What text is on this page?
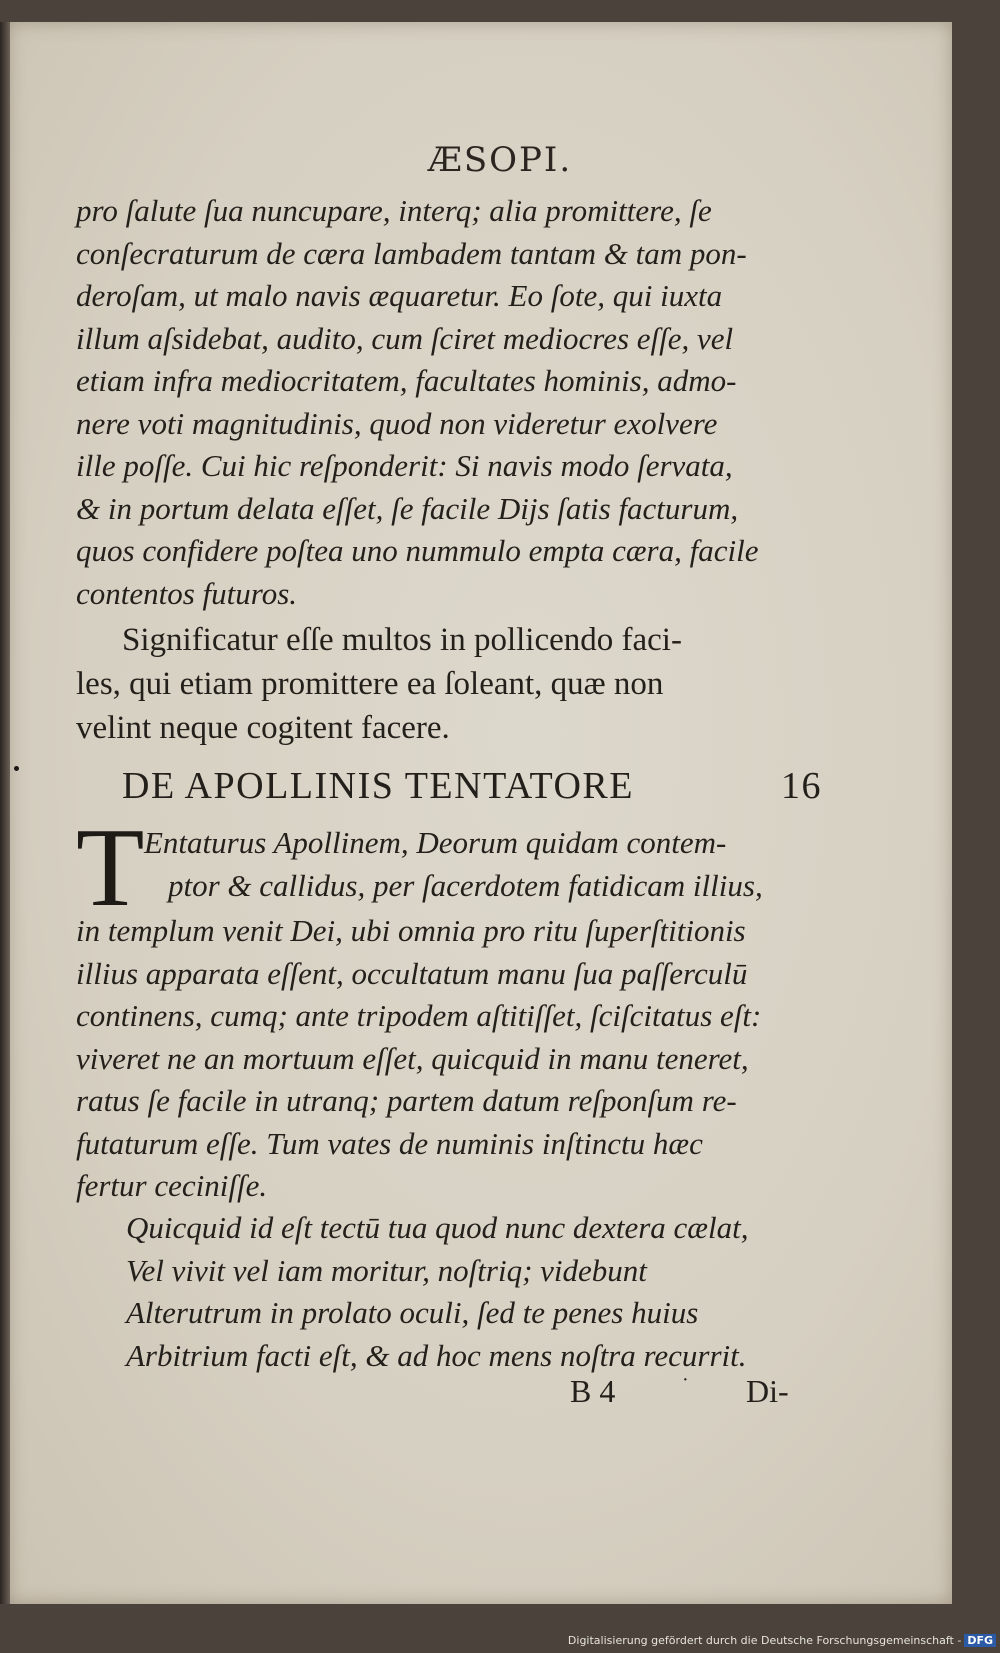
ÆSOPI.
pro ſalute ſua nuncupare, interq; alia promittere, ſe
conſecraturum de cæra lambadem tantam & tam pon-
deroſam, ut malo navis æquaretur. Eo ſote, qui iuxta
illum aſsidebat, audito, cum ſciret mediocres eſſe, vel
etiam infra mediocritatem, facultates hominis, admo-
nere voti magnitudinis, quod non videretur exolvere
ille poſſe. Cui hic reſponderit: Si navis modo ſervata,
& in portum delata eſſet, ſe facile Dijs ſatis facturum,
quos confidere poſtea uno nummulo empta cæra, facile
contentos futuros.
Significatur eſſe multos in pollicendo faci-
les, qui etiam promittere ea ſoleant, quæ non
velint neque cogitent facere.
DE APOLLINIS TENTATORE	16
T Entaturus Apollinem, Deorum quidam contem-
ptor & callidus, per ſacerdotem fatidicam illius,
in templum venit Dei, ubi omnia pro ritu ſuperſtitionis
illius apparata eſſent, occultatum manu ſua paſſerculū
continens, cumq; ante tripodem aſtitiſſet, ſciſcitatus eſt:
viveret ne an mortuum eſſet, quicquid in manu teneret,
ratus ſe facile in utranq; partem datum reſponſum re-
futaturum eſſe. Tum vates de numinis inſtinctu hæc
fertur ceciniſſe.
Quicquid id eſt tectū tua quod nunc dextera cælat,
Vel vivit vel iam moritur, noſtriq; videbunt
Alterutrum in prolato oculi, ſed te penes huius
Arbitrium facti eſt, & ad hoc mens noſtra recurrit.
B 4	· Di-
Digitalisierung gefördert durch die Deutsche Forschungsgemeinschaft - DFG
